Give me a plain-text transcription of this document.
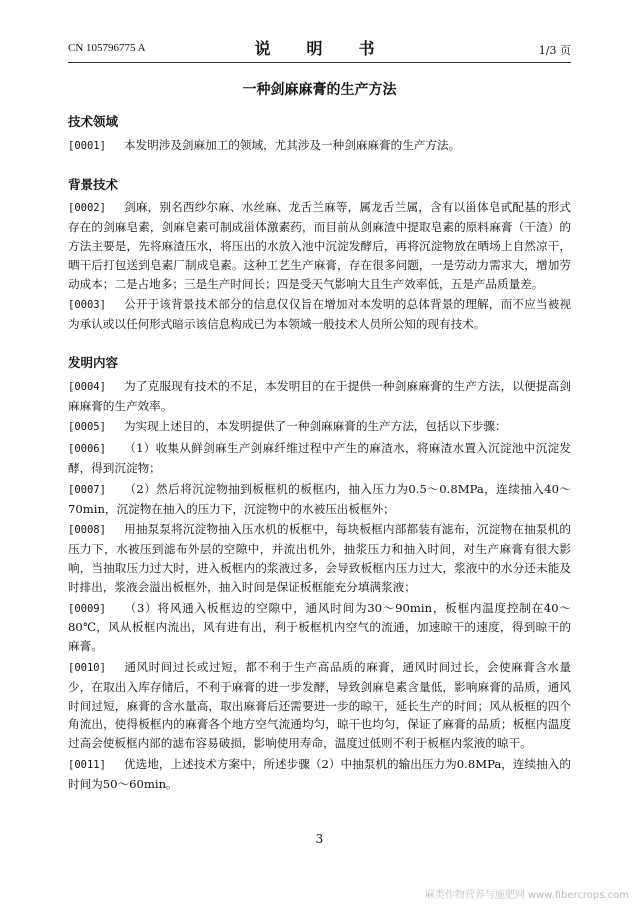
CN 105796775 A	说　明　书	1/3 页
一种剑麻麻膏的生产方法
技术领域

[0001] 本发明涉及剑麻加工的领域，尤其涉及一种剑麻麻膏的生产方法。

背景技术

[0002] 剑麻，别名西纱尔麻、水丝麻、龙舌兰麻等，属龙舌兰属，含有以甾体皂甙配基的形式存在的剑麻皂素，剑麻皂素可制成甾体激素药，而目前从剑麻渣中提取皂素的原料麻膏（干渣）的方法主要是，先将麻渣压水，将压出的水放入池中沉淀发酵后，再将沉淀物放在晒场上自然凉干，晒干后打包送到皂素厂制成皂素。这种工艺生产麻膏，存在很多问题，一是劳动力需求大，增加劳动成本；二是占地多；三是生产时间长；四是受天气影响大且生产效率低，五是产品质量差。

[0003] 公开于该背景技术部分的信息仅仅旨在增加对本发明的总体背景的理解，而不应当被视为承认或以任何形式暗示该信息构成已为本领域一般技术人员所公知的现有技术。

发明内容

[0004] 为了克服现有技术的不足，本发明目的在于提供一种剑麻麻膏的生产方法，以便提高剑麻麻膏的生产效率。

[0005] 为实现上述目的，本发明提供了一种剑麻麻膏的生产方法，包括以下步骤：

[0006] （1）收集从鲜剑麻生产剑麻纤维过程中产生的麻渣水，将麻渣水置入沉淀池中沉淀发酵，得到沉淀物；

[0007] （2）然后将沉淀物抽到板框机的板框内，抽入压力为0.5～0.8MPa，连续抽入40～70min，沉淀物在抽入的压力下，沉淀物中的水被压出板框外；

[0008] 用抽泵泵将沉淀物抽入压水机的板框中，每块板框内部都装有滤布，沉淀物在抽泵机的压力下，水被压到滤布外层的空隙中，并流出机外，抽浆压力和抽入时间，对生产麻膏有很大影响，当抽取压力过大时，进入板框内的浆液过多，会导致板框内压力过大，浆液中的水分还未能及时排出，浆液会溢出板框外，抽入时间是保证板框能充分填满浆液；

[0009] （3）将风通入板框边的空隙中，通风时间为30～90min，板框内温度控制在40～80℃，风从板框内流出，风有进有出，利于板框机内空气的流通，加速晾干的速度，得到晾干的麻膏。

[0010] 通风时间过长或过短，都不利于生产高品质的麻膏，通风时间过长，会使麻膏含水量少，在取出入库存储后，不利于麻膏的进一步发酵，导致剑麻皂素含量低，影响麻膏的品质，通风时间过短，麻膏的含水量高，取出麻膏后还需要进一步的晾干，延长生产的时间；风从板框的四个角流出，使得板框内的麻膏各个地方空气流通均匀，晾干也均匀，保证了麻膏的品质；板框内温度过高会使板框内部的滤布容易破损，影响使用寿命，温度过低则不利于板框内浆液的晾干。

[0011] 优选地，上述技术方案中，所述步骤（2）中抽泵机的输出压力为0.8MPa，连续抽入的时间为50～60min。

3
麻类作物营养与施肥网 www.fibercrops.com
